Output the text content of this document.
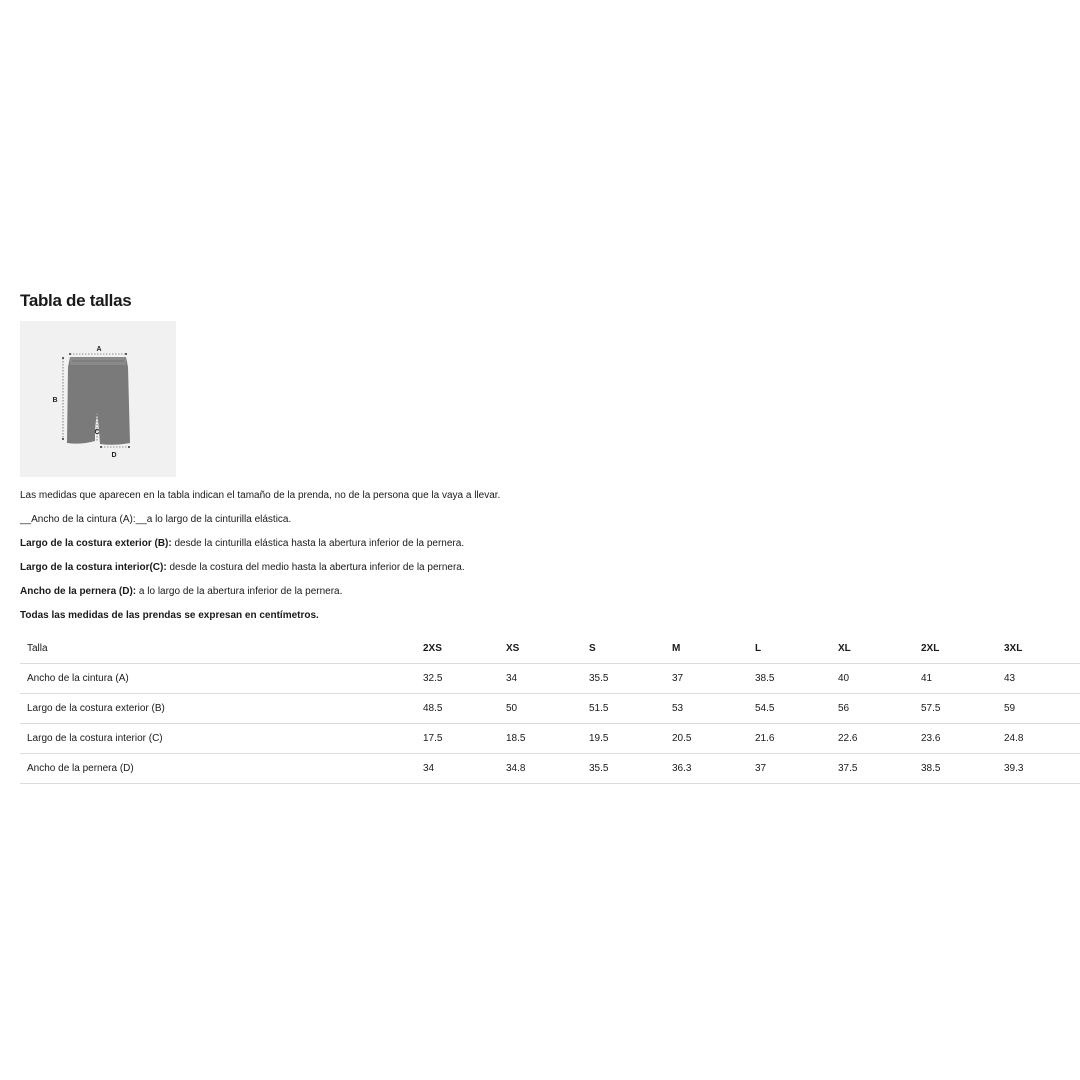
Tabla de tallas
A
B
C
D

Las medidas que aparecen en la tabla indican el tamaño de la prenda, no de la persona que la vaya a llevar.

__Ancho de la cintura (A):__a lo largo de la cinturilla elástica.

Largo de la costura exterior (B): desde la cinturilla elástica hasta la abertura inferior de la pernera.

Largo de la costura interior(C): desde la costura del medio hasta la abertura inferior de la pernera.

Ancho de la pernera (D): a lo largo de la abertura inferior de la pernera.

Todas las medidas de las prendas se expresan en centímetros.

Talla	2XS	XS	S	M	L	XL	2XL	3XL
Ancho de la cintura (A)	32.5	34	35.5	37	38.5	40	41	43
Largo de la costura exterior (B)	48.5	50	51.5	53	54.5	56	57.5	59
Largo de la costura interior (C)	17.5	18.5	19.5	20.5	21.6	22.6	23.6	24.8
Ancho de la pernera (D)	34	34.8	35.5	36.3	37	37.5	38.5	39.3
